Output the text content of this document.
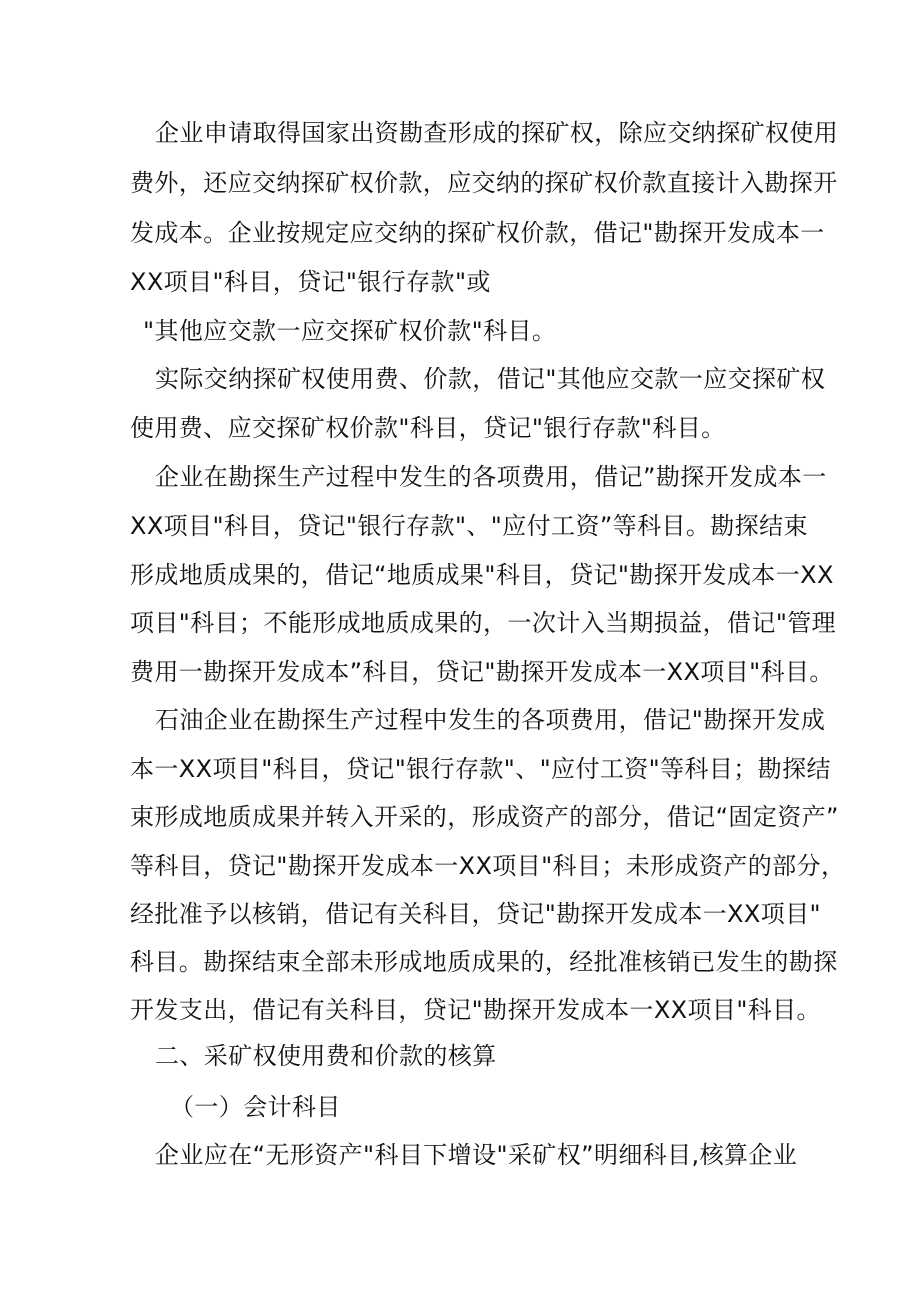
企业申请取得国家出资勘查形成的探矿权，除应交纳探矿权使用
费外，还应交纳探矿权价款，应交纳的探矿权价款直接计入勘探开
发成本。企业按规定应交纳的探矿权价款，借记"勘探开发成本一
XX项目"科目，贷记"银行存款"或
"其他应交款一应交探矿权价款"科目。
实际交纳探矿权使用费、价款，借记"其他应交款一应交探矿权
使用费、应交探矿权价款"科目，贷记"银行存款"科目。
企业在勘探生产过程中发生的各项费用，借记”勘探开发成本一
XX项目"科目，贷记"银行存款"、"应付工资”等科目。勘探结束
形成地质成果的，借记“地质成果"科目，贷记"勘探开发成本一XX
项目"科目；不能形成地质成果的，一次计入当期损益，借记"管理
费用一勘探开发成本”科目，贷记"勘探开发成本一XX项目"科目。
石油企业在勘探生产过程中发生的各项费用，借记"勘探开发成
本一XX项目"科目，贷记"银行存款"、"应付工资"等科目；勘探结
束形成地质成果并转入开采的，形成资产的部分，借记“固定资产”
等科目，贷记"勘探开发成本一XX项目"科目；未形成资产的部分，
经批准予以核销，借记有关科目，贷记"勘探开发成本一XX项目"
科目。勘探结束全部未形成地质成果的，经批准核销已发生的勘探
开发支出，借记有关科目，贷记"勘探开发成本一XX项目"科目。
二、采矿权使用费和价款的核算
（一）会计科目
企业应在“无形资产"科目下增设"采矿权”明细科目,核算企业
